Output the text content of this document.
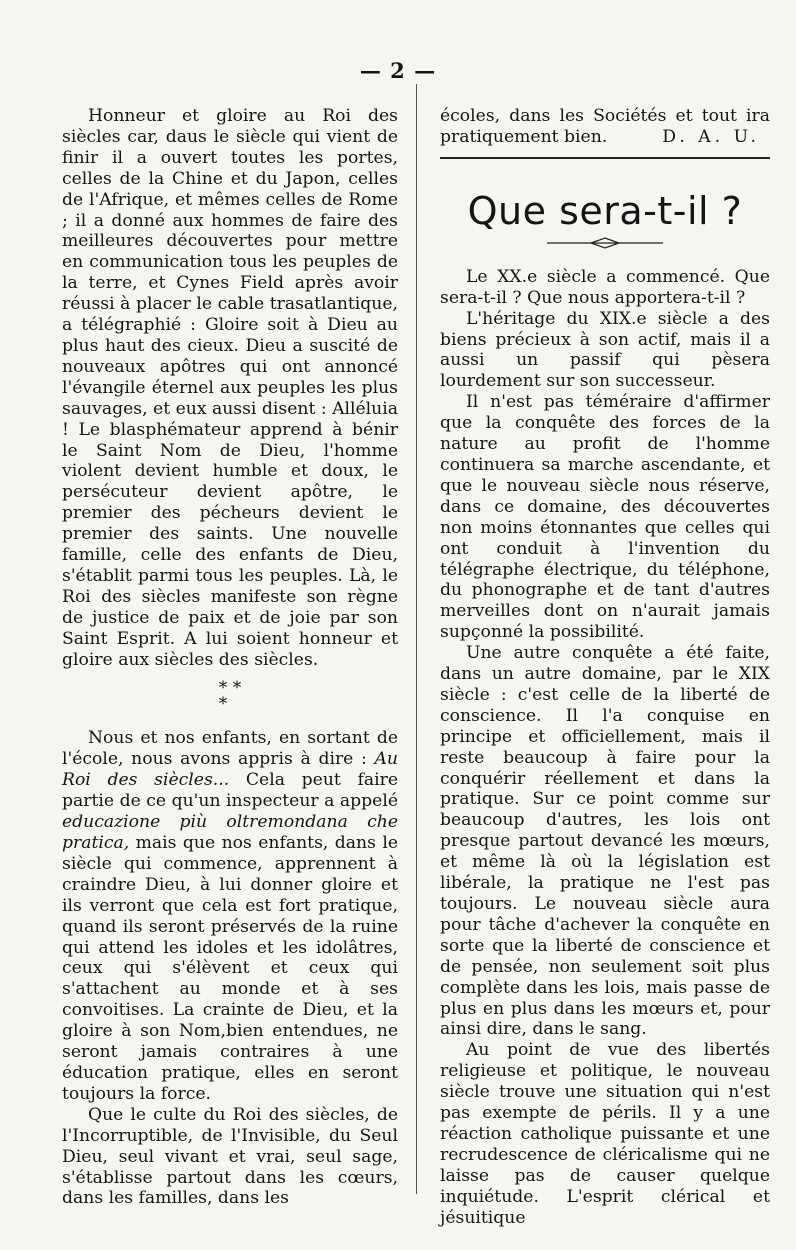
— 2 —

Honneur et gloire au Roi des siècles car, daus le siècle qui vient de finir il a ouvert toutes les portes, celles de la Chine et du Japon, celles de l'Afrique, et mêmes celles de Rome ; il a donné aux hommes de faire des meilleures découvertes pour mettre en communication tous les peuples de la terre, et Cynes Field après avoir réussi à placer le cable trasatlantique, a télégraphié : Gloire soit à Dieu au plus haut des cieux. Dieu a suscité de nouveaux apôtres qui ont annoncé l'évangile éternel aux peuples les plus sauvages, et eux aussi disent : Alléluia ! Le blasphémateur apprend à bénir le Saint Nom de Dieu, l'homme violent devient humble et doux, le persécuteur devient apôtre, le premier des pécheurs devient le premier des saints. Une nouvelle famille, celle des enfants de Dieu, s'établit parmi tous les peuples. Là, le Roi des siècles manifeste son règne de justice de paix et de joie par son Saint Esprit. A lui soient honneur et gloire aux siècles des siècles.

* *
*

Nous et nos enfants, en sortant de l'école, nous avons appris à dire : Au Roi des siècles... Cela peut faire partie de ce qu'un inspecteur a appelé educazione più oltremondana che pratica, mais que nos enfants, dans le siècle qui commence, apprennent à craindre Dieu, à lui donner gloire et ils verront que cela est fort pratique, quand ils seront préservés de la ruine qui attend les idoles et les idolâtres, ceux qui s'élèvent et ceux qui s'attachent au monde et à ses convoitises. La crainte de Dieu, et la gloire à son Nom,bien entendues, ne seront jamais contraires à une éducation pratique, elles en seront toujours la force.

Que le culte du Roi des siècles, de l'Incorruptible, de l'Invisible, du Seul Dieu, seul vivant et vrai, seul sage, s'établisse partout dans les cœurs, dans les familles, dans les

écoles, dans les Sociétés et tout ira pratiquement bien.	D. A. U.

Que sera-t-il ?

Le XX.e siècle a commencé. Que sera-t-il ? Que nous apportera-t-il ?

L'héritage du XIX.e siècle a des biens précieux à son actif, mais il a aussi un passif qui pèsera lourdement sur son successeur.

Il n'est pas téméraire d'affirmer que la conquête des forces de la nature au profit de l'homme continuera sa marche ascendante, et que le nouveau siècle nous réserve, dans ce domaine, des découvertes non moins étonnantes que celles qui ont conduit à l'invention du télégraphe électrique, du téléphone, du phonographe et de tant d'autres merveilles dont on n'aurait jamais supçonné la possibilité.

Une autre conquête a été faite, dans un autre domaine, par le XIX siècle : c'est celle de la liberté de conscience. Il l'a conquise en principe et officiellement, mais il reste beaucoup à faire pour la conquérir réellement et dans la pratique. Sur ce point comme sur beaucoup d'autres, les lois ont presque partout devancé les mœurs, et même là où la législation est libérale, la pratique ne l'est pas toujours. Le nouveau siècle aura pour tâche d'achever la conquête en sorte que la liberté de conscience et de pensée, non seulement soit plus complète dans les lois, mais passe de plus en plus dans les mœurs et, pour ainsi dire, dans le sang.

Au point de vue des libertés religieuse et politique, le nouveau siècle trouve une situation qui n'est pas exempte de périls. Il y a une réaction catholique puissante et une recrudescence de cléricalisme qui ne laisse pas de causer quelque inquiétude. L'esprit clérical et jésuitique
